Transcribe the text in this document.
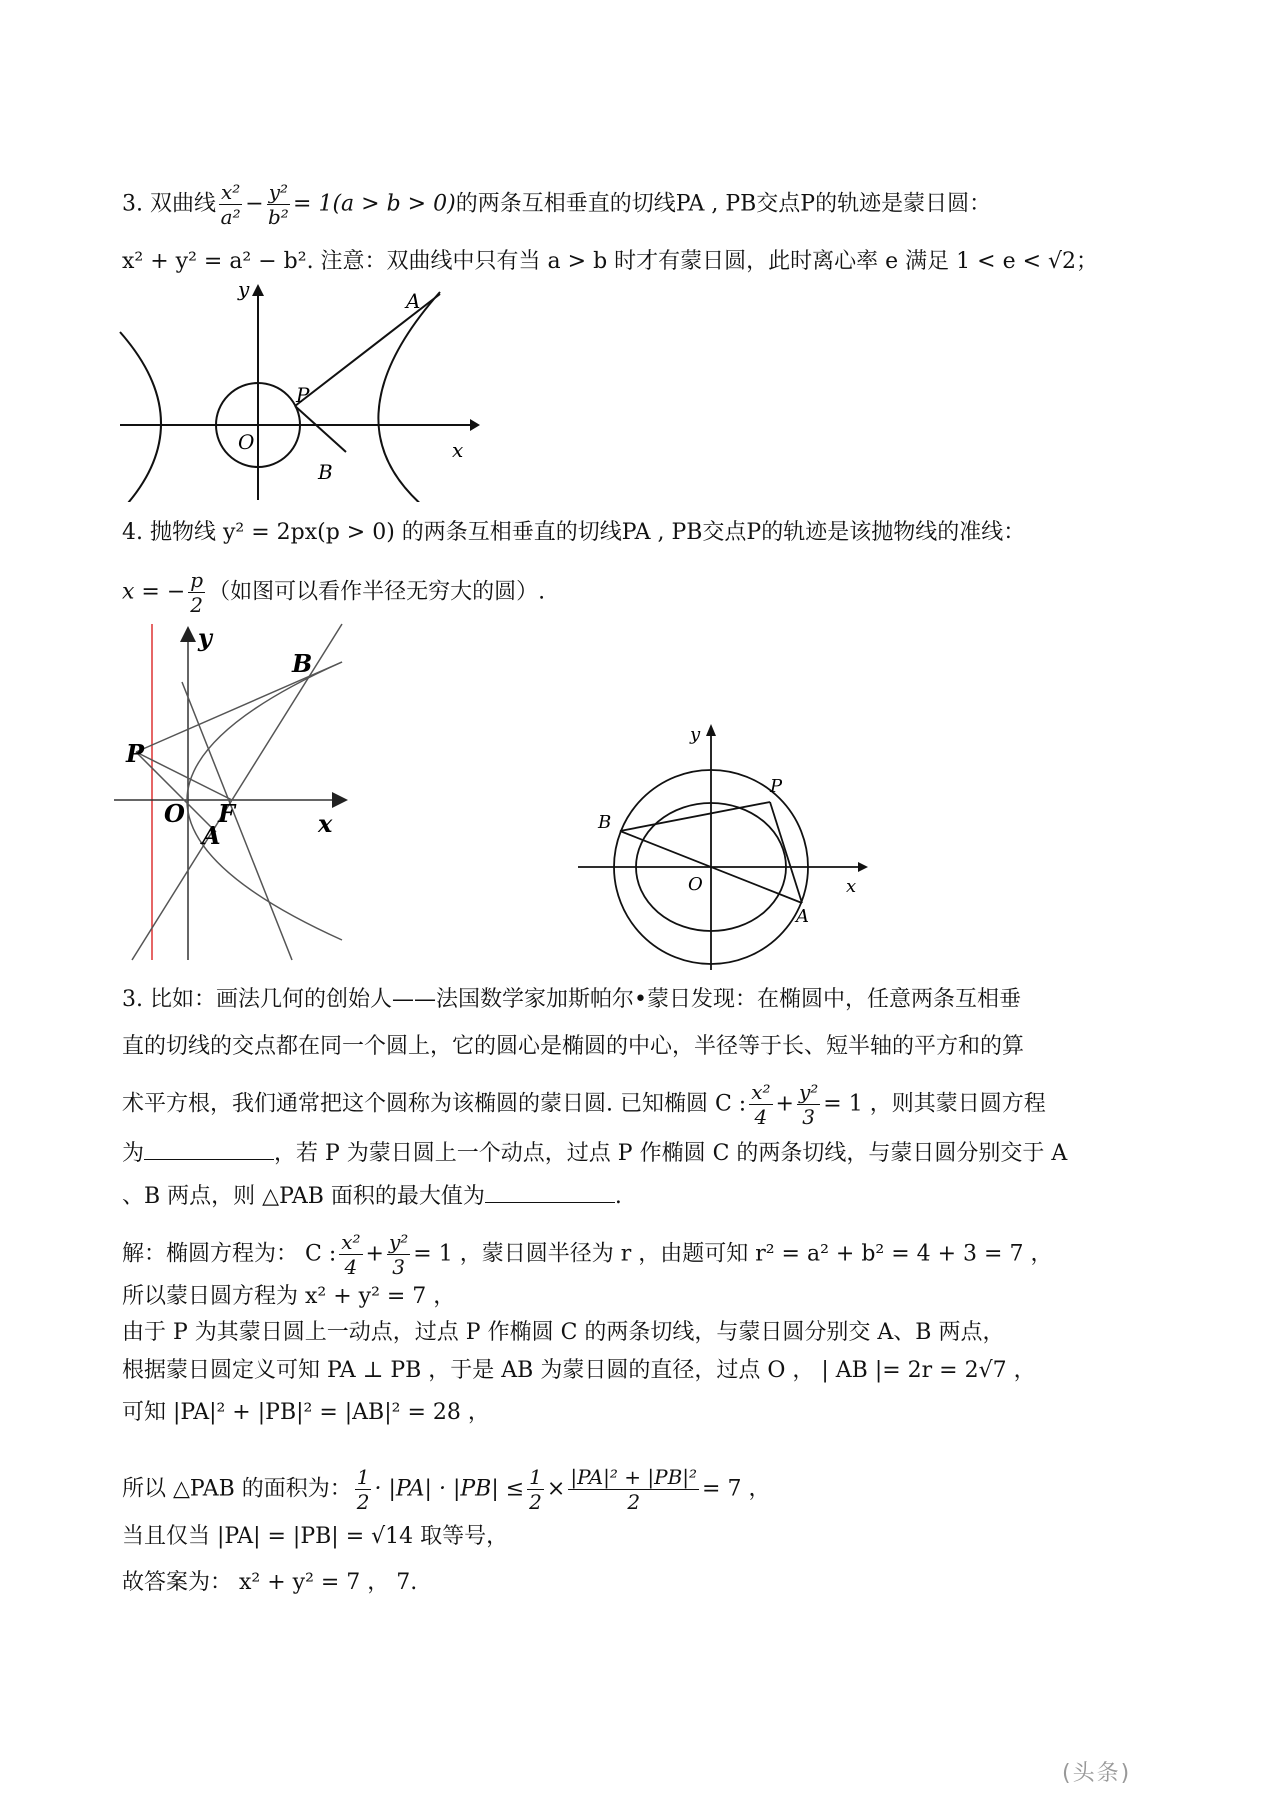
3. 双曲线 $\frac{\text{x²}}{\text{a²}} - \frac{\text{y²}}{\text{b²}} = 1(a > b > 0)$的两条互相垂直的切线PA , PB交点P的轨迹是蒙日圆：
x² + y² = a² − b². 注意：双曲线中只有当 a > b 时才有蒙日圆，此时离心率 e 满足 1 < e < √2；
y
x
O
P
A
B
4. 抛物线 y² = 2px(p > 0) 的两条互相垂直的切线PA , PB交点P的轨迹是该抛物线的准线：
x = − $\frac{p}{2}$ （如图可以看作半径无穷大的圆）.
y
x
O F
P
A
B
y
x
O
P
A
B
3. 比如：画法几何的创始人——法国数学家加斯帕尔•蒙日发现：在椭圆中，任意两条互相垂
直的切线的交点都在同一个圆上，它的圆心是椭圆的中心，半径等于长、短半轴的平方和的算
术平方根，我们通常把这个圆称为该椭圆的蒙日圆. 已知椭圆 C : $\frac{\text{x²}}{4} + \frac{\text{y²}}{3} = 1$ ，则其蒙日圆方程
为	，若 P 为蒙日圆上一个动点，过点 P 作椭圆 C 的两条切线，与蒙日圆分别交于 A
、B 两点，则 △PAB 面积的最大值为	.
解：椭圆方程为： C : $\frac{\text{x²}}{4} + \frac{\text{y²}}{3} = 1$ ，蒙日圆半径为 r ，由题可知 r² = a² + b² = 4 + 3 = 7 ，
所以蒙日圆方程为 x² + y² = 7 ，
由于 P 为其蒙日圆上一动点，过点 P 作椭圆 C 的两条切线，与蒙日圆分别交 A、B 两点，
根据蒙日圆定义可知 PA ⊥ PB ，于是 AB 为蒙日圆的直径，过点 O ， | AB |= 2r = 2√7 ，
可知 |PA|² + |PB|² = |AB|² = 28 ，
所以 △PAB 的面积为： $\frac{1}{2} \cdot |PA| \cdot |PB| \le \frac{1}{2} \times \frac{\text{|PA|² + |PB|²}}{2} = 7$ ，
当且仅当 |PA| = |PB| = √14 取等号，
故答案为： x² + y² = 7 ， 7.
(头条)
